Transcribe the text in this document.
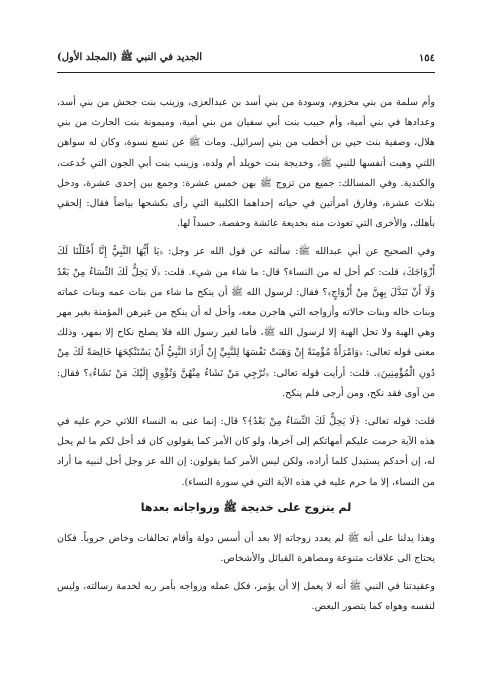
١٥٤
الجديد في النبي ﷺ (المجلد الأول)

وأم سلمة من بني مخزوم، وسودة من بني أسد بن عبدالعزى، وزينب بنت جحش من بني أسد، وعدادها في بني أمية، وأم حبيب بنت أبي سفيان من بني أمية، وميمونة بنت الحارث من بني هلال، وصفية بنت حيي بن أخطب من بني إسرائيل. ومات ﷺ عن تسع نسوة، وكان له سواهن اللتي وهبت أنفسها للنبي ﷺ، وخديجة بنت خويلد أم ولده، وزينب بنت أبي الجون التي خُدعت، والكندية. وفي المسالك: جميع من تزوج ﷺ بهن خمس عشرة: وجمع بين إحدى عشرة، ودخل بثلاث عشرة، وفارق امرأتين في حياته إحداهما الكلبية التي رأى بكشحها بياضاً فقال: إلحقي بأهلك، والأخرى التي تعوذت منه بخديعة عائشة وحفصة، حسداً لها.

وفي الصحيح عن أبي عبدالله ﷺ: سألته عن قول الله عز وجل: ﴿يَا أَيُّهَا النَّبِيُّ إِنَّا أَحْلَلْنَا لَكَ أَزْوَاجَكَ﴾ قلت: كم أحل له من النساء؟ قال: ما شاء من شيء. قلت: ﴿لَا يَحِلُّ لَكَ النِّسَاءُ مِنْ بَعْدُ وَلَا أَنْ تَبَدَّلَ بِهِنَّ مِنْ أَزْوَاجٍ﴾؟ فقال: لرسول الله ﷺ أن ينكح ما شاء من بنات عمه وبنات عماته وبنات خاله وبنات خالاته وأزواجه التي هاجرن معه، وأحل له أن ينكح من غيرهن المؤمنة بغير مهر وهي الهبة ولا تحل الهبة إلا لرسول الله ﷺ، فأما لغير رسول الله فلا يصلح نكاح إلا بمهر، وذلك معنى قوله تعالى: ﴿وَامْرَأَةً مُؤْمِنَةً إِنْ وَهَبَتْ نَفْسَهَا لِلنَّبِيِّ إِنْ أَرَادَ النَّبِيُّ أَنْ يَسْتَنْكِحَهَا خَالِصَةً لَكَ مِنْ دُونِ الْمُؤْمِنِينَ﴾. قلت: أرأيت قوله تعالى: ﴿تُرْجِي مَنْ تَشَاءُ مِنْهُنَّ وَتُؤْوِي إِلَيْكَ مَنْ تَشَاءُ﴾؟ فقال: من آوى فقد نكح، ومن أرجى فلم ينكح.

قلت: قوله تعالى: ﴿لَا يَحِلُّ لَكَ النِّسَاءُ مِنْ بَعْدُ﴾؟ قال: إنما عنى به النساء اللاتي حرم عليه في هذه الآية حرمت عليكم أمهاتكم إلى آخرها، ولو كان الأمر كما يقولون كان قد أحل لكم ما لم يحل له، إن أحدكم يستبدل كلما أراده، ولكن ليس الأمر كما يقولون: إن الله عز وجل أحل لنبيه ما أراد من النساء، إلا ما حرم عليه في هذه الآية التي في سورة النساء).

لم يتزوج على خديجة ﷺ وزواجاته بعدها

وهذا يدلنا على أنه ﷺ لم يعدد زوجاته إلا بعد أن أسس دولة وأقام تحالفات وخاض حروباً. فكان يحتاج الى علاقات متنوعة ومصاهرة القبائل والأشخاص.

وعقيدتنا في النبي ﷺ أنه لا يعمل إلا أن يؤمر، فكل عمله وزواجه بأمر ربه لخدمة رسالته، وليس لنفسه وهواه كما يتصور البعض.
